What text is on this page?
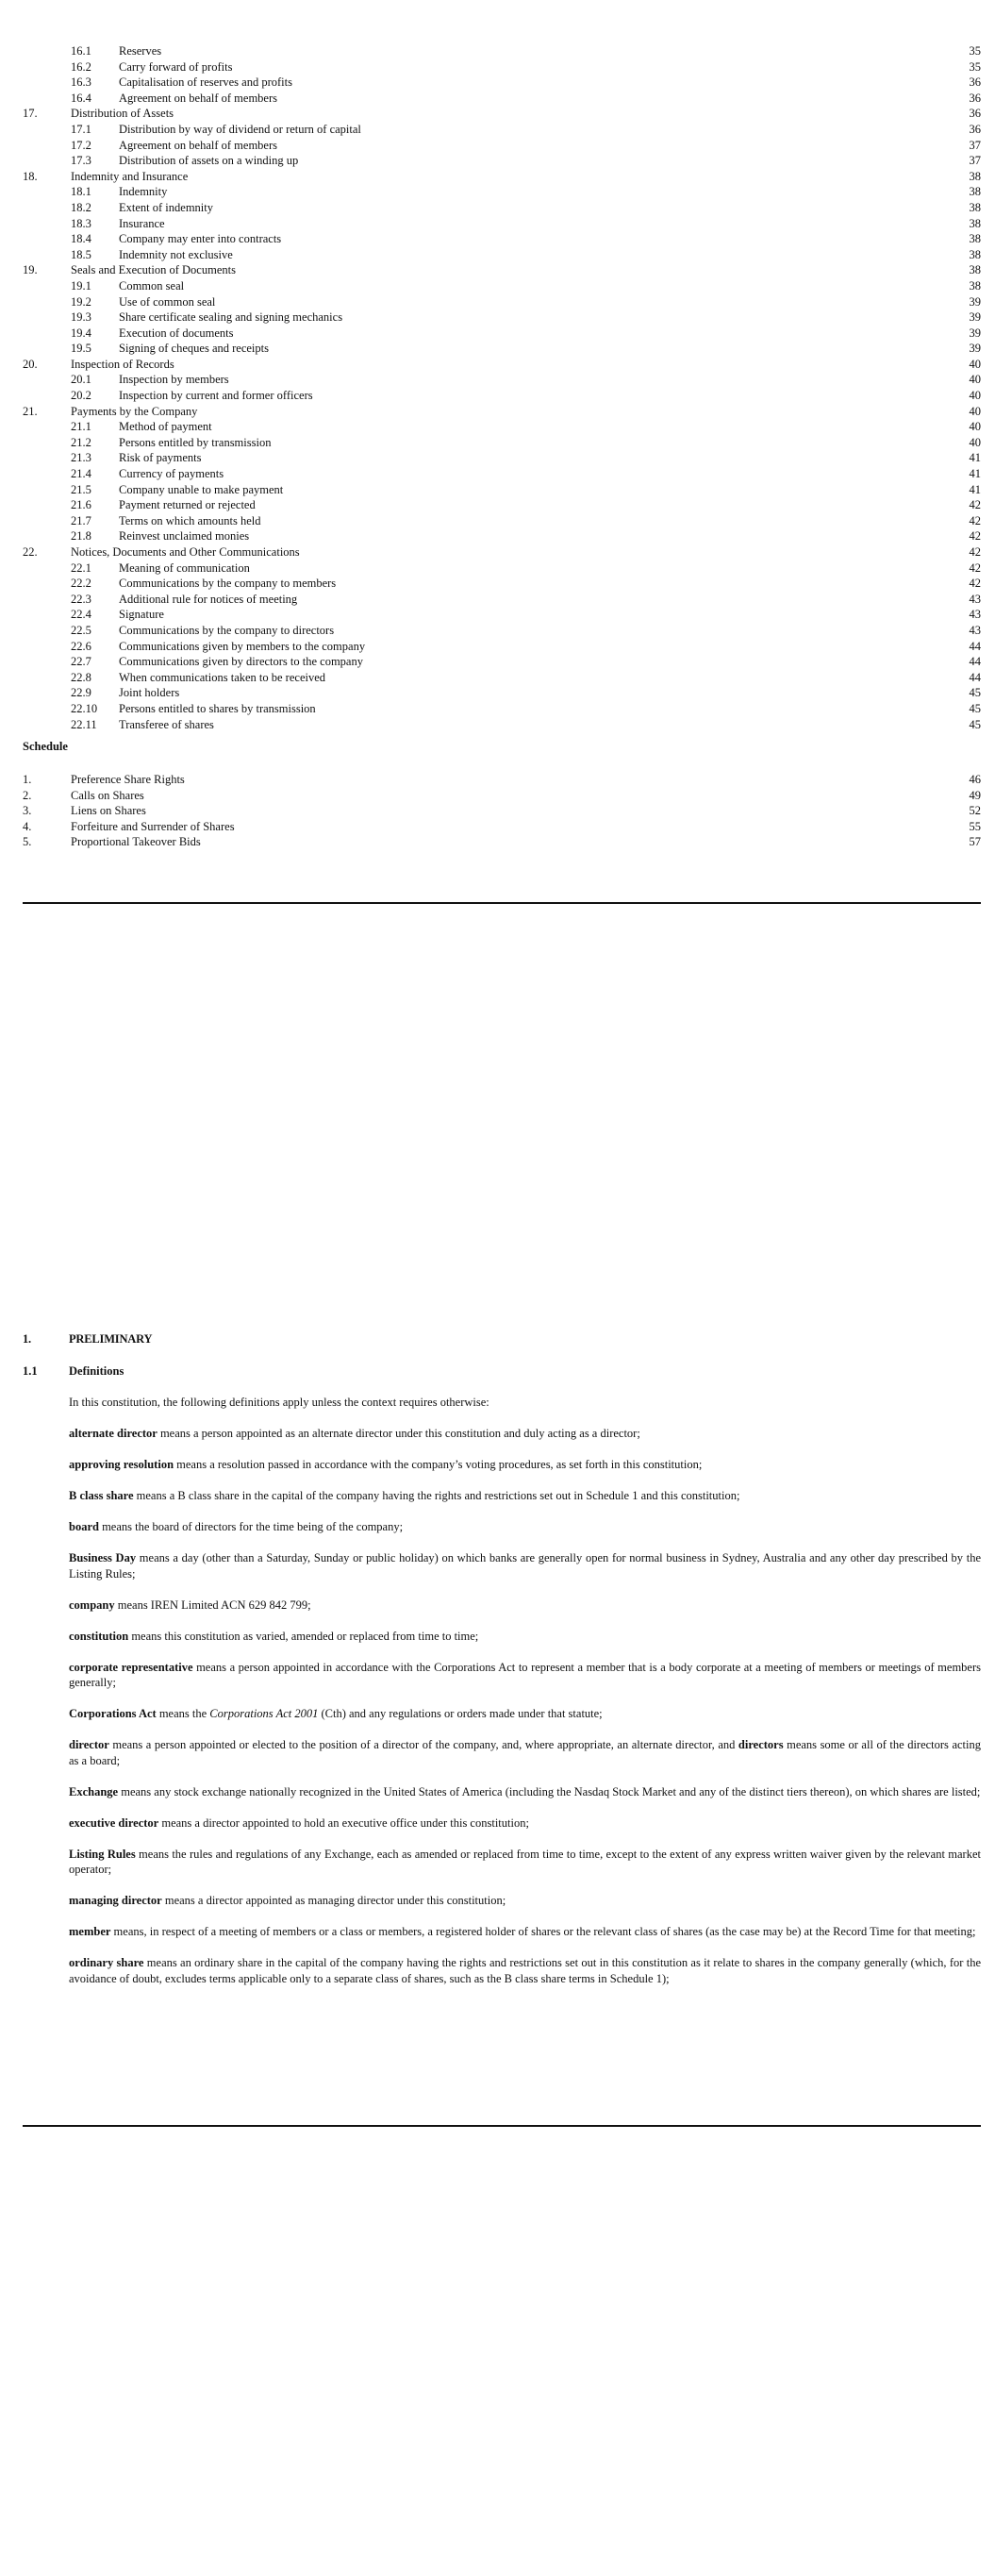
16.1 Reserves	35
16.2 Carry forward of profits	35
16.3 Capitalisation of reserves and profits	36
16.4 Agreement on behalf of members	36
17.	Distribution of Assets	36
17.1 Distribution by way of dividend or return of capital	36
17.2 Agreement on behalf of members	37
17.3 Distribution of assets on a winding up	37
18.	Indemnity and Insurance	38
18.1 Indemnity	38
18.2 Extent of indemnity	38
18.3 Insurance	38
18.4 Company may enter into contracts	38
18.5 Indemnity not exclusive	38
19.	Seals and Execution of Documents	38
19.1 Common seal	38
19.2 Use of common seal	39
19.3 Share certificate sealing and signing mechanics	39
19.4 Execution of documents	39
19.5 Signing of cheques and receipts	39
20.	Inspection of Records	40
20.1 Inspection by members	40
20.2 Inspection by current and former officers	40
21.	Payments by the Company	40
21.1 Method of payment	40
21.2 Persons entitled by transmission	40
21.3 Risk of payments	41
21.4 Currency of payments	41
21.5 Company unable to make payment	41
21.6 Payment returned or rejected	42
21.7 Terms on which amounts held	42
21.8 Reinvest unclaimed monies	42
22.	Notices, Documents and Other Communications	42
22.1 Meaning of communication	42
22.2 Communications by the company to members	42
22.3 Additional rule for notices of meeting	43
22.4 Signature	43
22.5 Communications by the company to directors	43
22.6 Communications given by members to the company	44
22.7 Communications given by directors to the company	44
22.8 When communications taken to be received	44
22.9 Joint holders	45
22.10 Persons entitled to shares by transmission	45
22.11 Transferee of shares	45
Schedule
1.	Preference Share Rights	46
2.	Calls on Shares	49
3.	Liens on Shares	52
4.	Forfeiture and Surrender of Shares	55
5.	Proportional Takeover Bids	57
1.	PRELIMINARY
1.1	Definitions

In this constitution, the following definitions apply unless the context requires otherwise:

alternate director means a person appointed as an alternate director under this constitution and duly acting as a director;

approving resolution means a resolution passed in accordance with the company’s voting procedures, as set forth in this constitution;

B class share means a B class share in the capital of the company having the rights and restrictions set out in Schedule 1 and this constitution;

board means the board of directors for the time being of the company;

Business Day means a day (other than a Saturday, Sunday or public holiday) on which banks are generally open for normal business in Sydney, Australia and any other day prescribed by the Listing Rules;

company means IREN Limited ACN 629 842 799;

constitution means this constitution as varied, amended or replaced from time to time;

corporate representative means a person appointed in accordance with the Corporations Act to represent a member that is a body corporate at a meeting of members or meetings of members generally;

Corporations Act means the Corporations Act 2001 (Cth) and any regulations or orders made under that statute;

director means a person appointed or elected to the position of a director of the company, and, where appropriate, an alternate director, and directors means some or all of the directors acting as a board;

Exchange means any stock exchange nationally recognized in the United States of America (including the Nasdaq Stock Market and any of the distinct tiers thereon), on which shares are listed;

executive director means a director appointed to hold an executive office under this constitution;

Listing Rules means the rules and regulations of any Exchange, each as amended or replaced from time to time, except to the extent of any express written waiver given by the relevant market operator;

managing director means a director appointed as managing director under this constitution;

member means, in respect of a meeting of members or a class or members, a registered holder of shares or the relevant class of shares (as the case may be) at the Record Time for that meeting;

ordinary share means an ordinary share in the capital of the company having the rights and restrictions set out in this constitution as it relate to shares in the company generally (which, for the avoidance of doubt, excludes terms applicable only to a separate class of shares, such as the B class share terms in Schedule 1);
